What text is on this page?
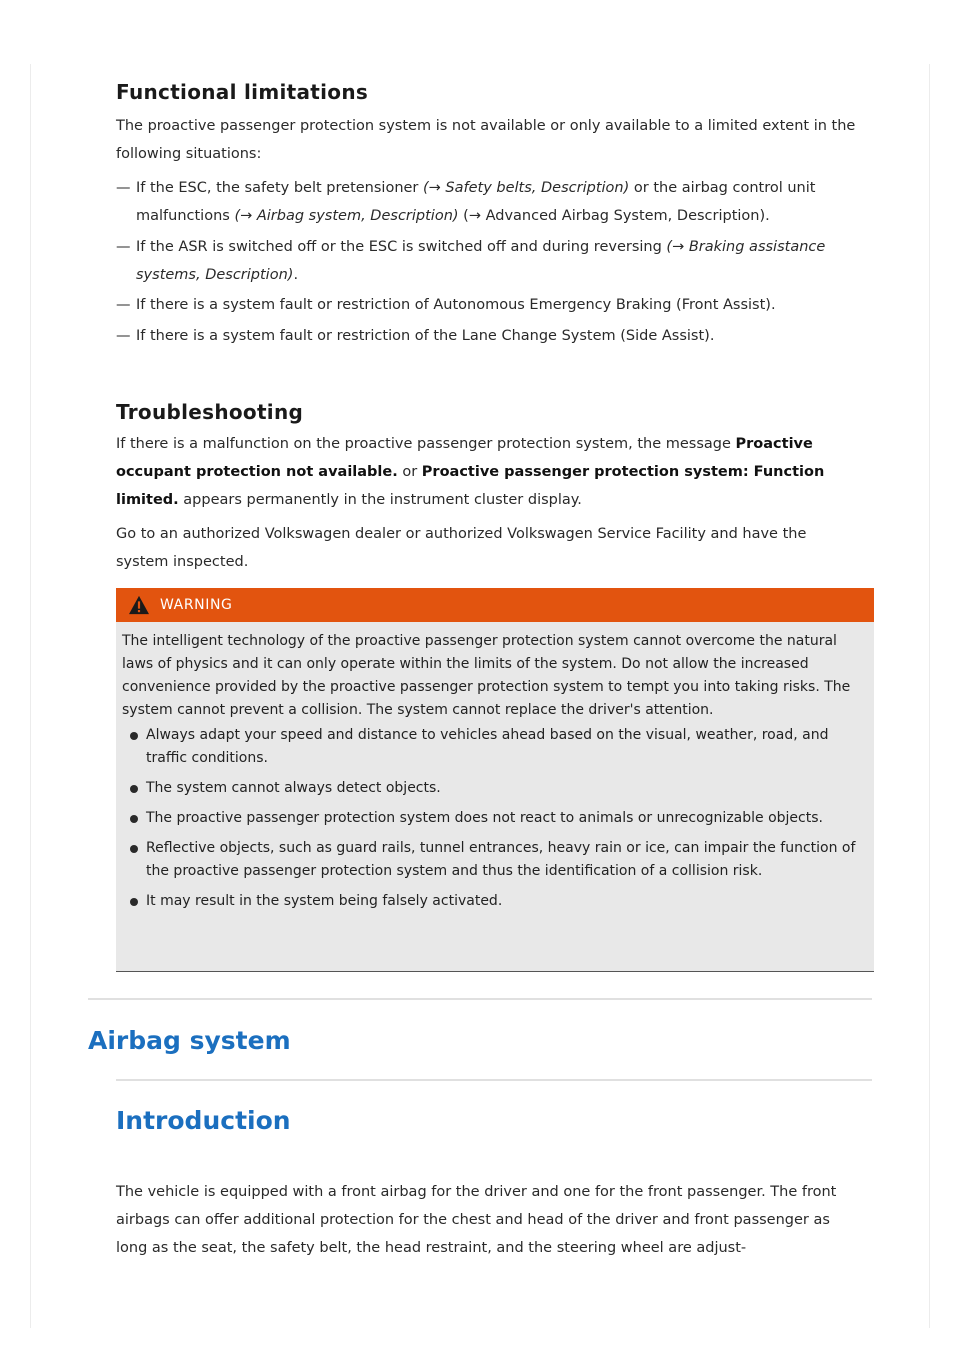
Functional limitations

The proactive passenger protection system is not available or only available to a limited extent in the following situations:

— If the ESC, the safety belt pretensioner (→ Safety belts, Description) or the airbag control unit
malfunctions (→ Airbag system, Description) (→ Advanced Airbag System, Description).
— If the ASR is switched off or the ESC is switched off and during reversing (→ Braking assistance
systems, Description).
— If there is a system fault or restriction of Autonomous Emergency Braking (Front Assist).
— If there is a system fault or restriction of the Lane Change System (Side Assist).
Troubleshooting

If there is a malfunction on the proactive passenger protection system, the message Proactive occupant protection not available. or Proactive passenger protection system: Function limited. appears permanently in the instrument cluster display.

Go to an authorized Volkswagen dealer or authorized Volkswagen Service Facility and have the system inspected.

WARNING

The intelligent technology of the proactive passenger protection system cannot overcome the natural laws of physics and it can only operate within the limits of the system. Do not allow the increased convenience provided by the proactive passenger protection system to tempt you into taking risks. The system cannot prevent a collision. The system cannot replace the driver's attention.

Always adapt your speed and distance to vehicles ahead based on the visual, weather, road, and traffic conditions.
The system cannot always detect objects.
The proactive passenger protection system does not react to animals or unrecognizable objects.
Reflective objects, such as guard rails, tunnel entrances, heavy rain or ice, can impair the function of the proactive passenger protection system and thus the identification of a collision risk.
It may result in the system being falsely activated.
Airbag system
Introduction

The vehicle is equipped with a front airbag for the driver and one for the front passenger. The front airbags can offer additional protection for the chest and head of the driver and front passenger as long as the seat, the safety belt, the head restraint, and the steering wheel are adjust-
